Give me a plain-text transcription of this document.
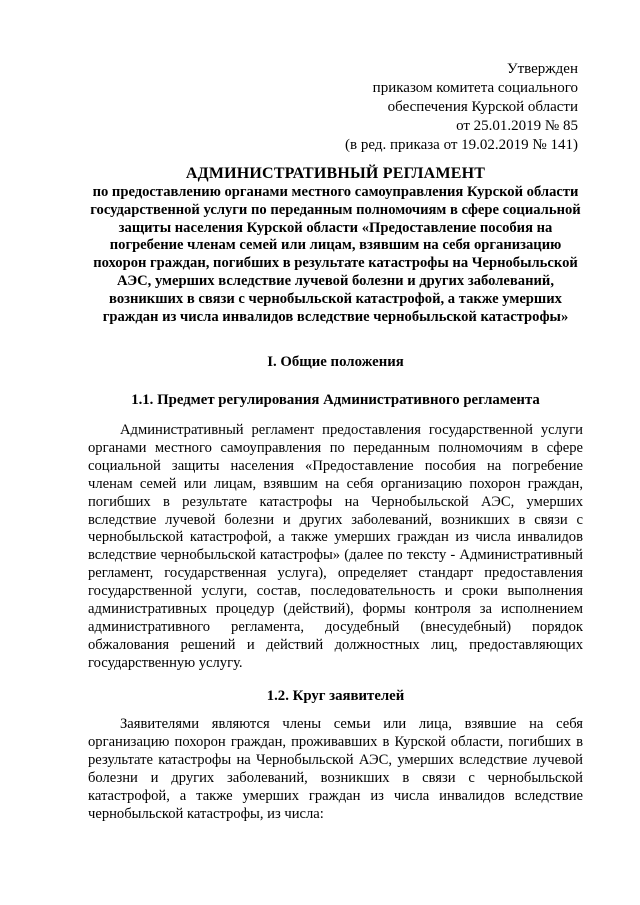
Утвержден
приказом комитета социального
обеспечения Курской области
от 25.01.2019 № 85
(в ред. приказа от 19.02.2019 № 141)
АДМИНИСТРАТИВНЫЙ РЕГЛАМЕНТ
по предоставлению органами местного самоуправления Курской области государственной услуги по переданным полномочиям в сфере социальной защиты населения Курской области «Предоставление пособия на погребение членам семей или лицам, взявшим на себя организацию похорон граждан, погибших в результате катастрофы на Чернобыльской АЭС, умерших вследствие лучевой болезни и других заболеваний, возникших в связи с чернобыльской катастрофой, а также умерших граждан из числа инвалидов вследствие чернобыльской катастрофы»
I. Общие положения
1.1. Предмет регулирования Административного регламента
Административный регламент предоставления государственной услуги органами местного самоуправления по переданным полномочиям в сфере социальной защиты населения «Предоставление пособия на погребение членам семей или лицам, взявшим на себя организацию похорон граждан, погибших в результате катастрофы на Чернобыльской АЭС, умерших вследствие лучевой болезни и других заболеваний, возникших в связи с чернобыльской катастрофой, а также умерших граждан из числа инвалидов вследствие чернобыльской катастрофы» (далее по тексту - Административный регламент, государственная услуга), определяет стандарт предоставления государственной услуги, состав, последовательность и сроки выполнения административных процедур (действий), формы контроля за исполнением административного регламента, досудебный (внесудебный) порядок обжалования решений и действий должностных лиц, предоставляющих государственную услугу.
1.2. Круг заявителей
Заявителями являются члены семьи или лица, взявшие на себя организацию похорон граждан, проживавших в Курской области, погибших в результате катастрофы на Чернобыльской АЭС, умерших вследствие лучевой болезни и других заболеваний, возникших в связи с чернобыльской катастрофой, а также умерших граждан из числа инвалидов вследствие чернобыльской катастрофы, из числа:
